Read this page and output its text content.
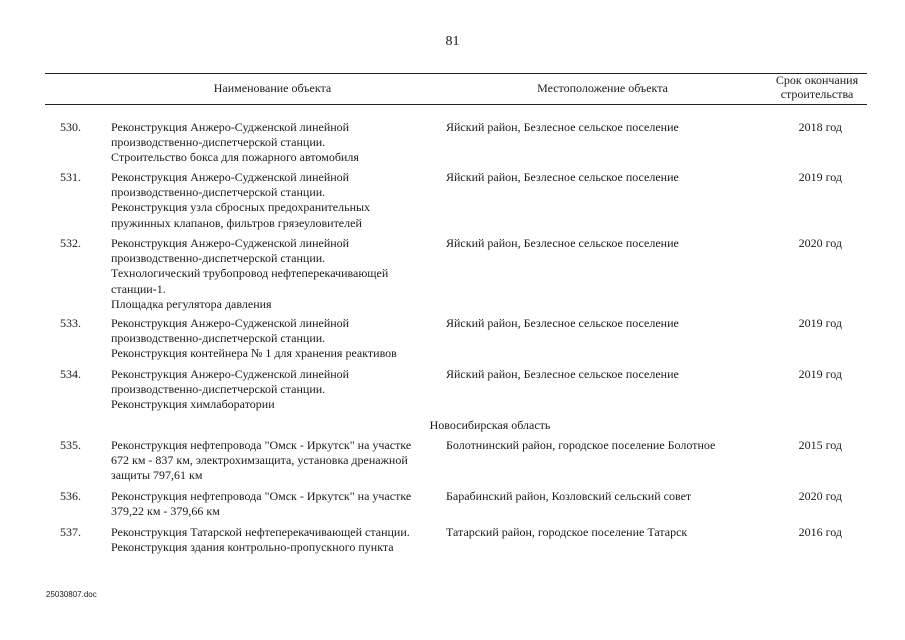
81
Наименование объекта	Местоположение объекта
Срок окончания
строительства
530.	Реконструкция Анжеро-Судженской линейной
производственно-диспетчерской станции.
Строительство бокса для пожарного автомобиля
Яйский район, Безлесное сельское поселение	2018 год
531.	Реконструкция Анжеро-Судженской линейной
производственно-диспетчерской станции.
Реконструкция узла сбросных предохранительных
пружинных клапанов, фильтров грязеуловителей
Яйский район, Безлесное сельское поселение	2019 год
532.	Реконструкция Анжеро-Судженской линейной
производственно-диспетчерской станции.
Технологический трубопровод нефтеперекачивающей
станции-1.
Площадка регулятора давления
Яйский район, Безлесное сельское поселение	2020 год
533.	Реконструкция Анжеро-Судженской линейной
производственно-диспетчерской станции.
Реконструкция контейнера № 1 для хранения реактивов
Яйский район, Безлесное сельское поселение	2019 год
534.	Реконструкция Анжеро-Судженской линейной
производственно-диспетчерской станции.
Реконструкция химлаборатории
Яйский район, Безлесное сельское поселение	2019 год
Новосибирская область
535.	Реконструкция нефтепровода "Омск - Иркутск" на участке
672 км - 837 км, электрохимзащита, установка дренажной
защиты 797,61 км
Болотнинский район, городское поселение Болотное	2015 год
536.	Реконструкция нефтепровода "Омск - Иркутск" на участке
379,22 км - 379,66 км
Барабинский район, Козловский сельский совет	2020 год
537.	Реконструкция Татарской нефтеперекачивающей станции.
Реконструкция здания контрольно-пропускного пункта
Татарский район, городское поселение Татарск	2016 год
25030807.doc
